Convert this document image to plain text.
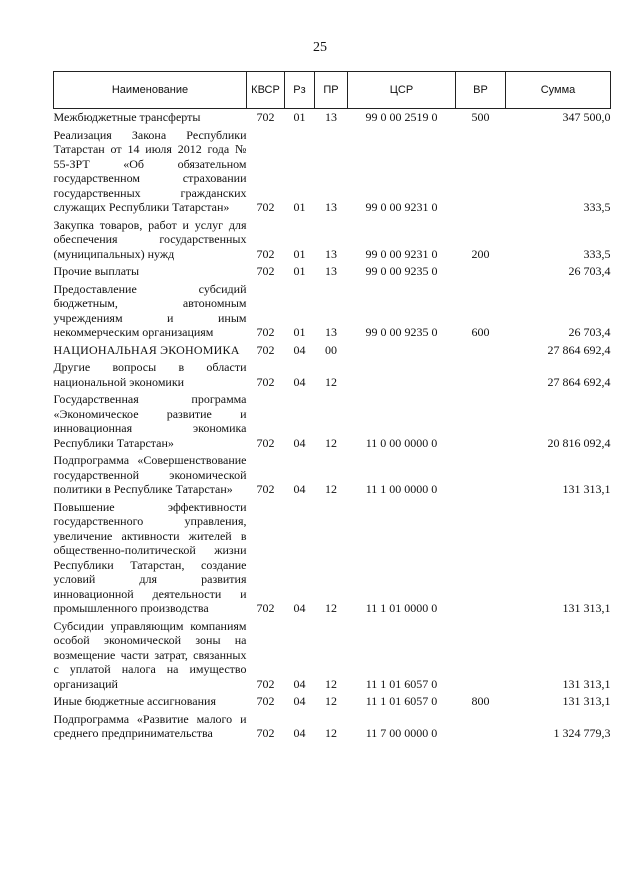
25
Наименование	КВСР	Рз	ПР	ЦСР	ВР	Сумма
Межбюджетные трансферты	702	01	13	99 0 00 2519 0	500	347 500,0
Реализация Закона Республики Татарстан от 14 июля 2012 года № 55-ЗРТ «Об обязательном государственном страховании государственных гражданских служащих Республики Татарстан»	702	01	13	99 0 00 9231 0		333,5
Закупка товаров, работ и услуг для обеспечения государственных (муниципальных) нужд	702	01	13	99 0 00 9231 0	200	333,5
Прочие выплаты	702	01	13	99 0 00 9235 0		26 703,4
Предоставление субсидий бюджетным, автономным учреждениям и иным некоммерческим организациям	702	01	13	99 0 00 9235 0	600	26 703,4
НАЦИОНАЛЬНАЯ ЭКОНОМИКА	702	04	00			27 864 692,4
Другие вопросы в области национальной экономики	702	04	12			27 864 692,4
Государственная программа «Экономическое развитие и инновационная экономика Республики Татарстан»	702	04	12	11 0 00 0000 0		20 816 092,4
Подпрограмма «Совершенствование государственной экономической политики в Республике Татарстан»	702	04	12	11 1 00 0000 0		131 313,1
Повышение эффективности государственного управления, увеличение активности жителей в общественно-политической жизни Республики Татарстан, создание условий для развития инновационной деятельности и промышленного производства	702	04	12	11 1 01 0000 0		131 313,1
Субсидии управляющим компаниям особой экономической зоны на возмещение части затрат, связанных с уплатой налога на имущество организаций	702	04	12	11 1 01 6057 0		131 313,1
Иные бюджетные ассигнования	702	04	12	11 1 01 6057 0	800	131 313,1
Подпрограмма «Развитие малого и среднего предпринимательства	702	04	12	11 7 00 0000 0		1 324 779,3
